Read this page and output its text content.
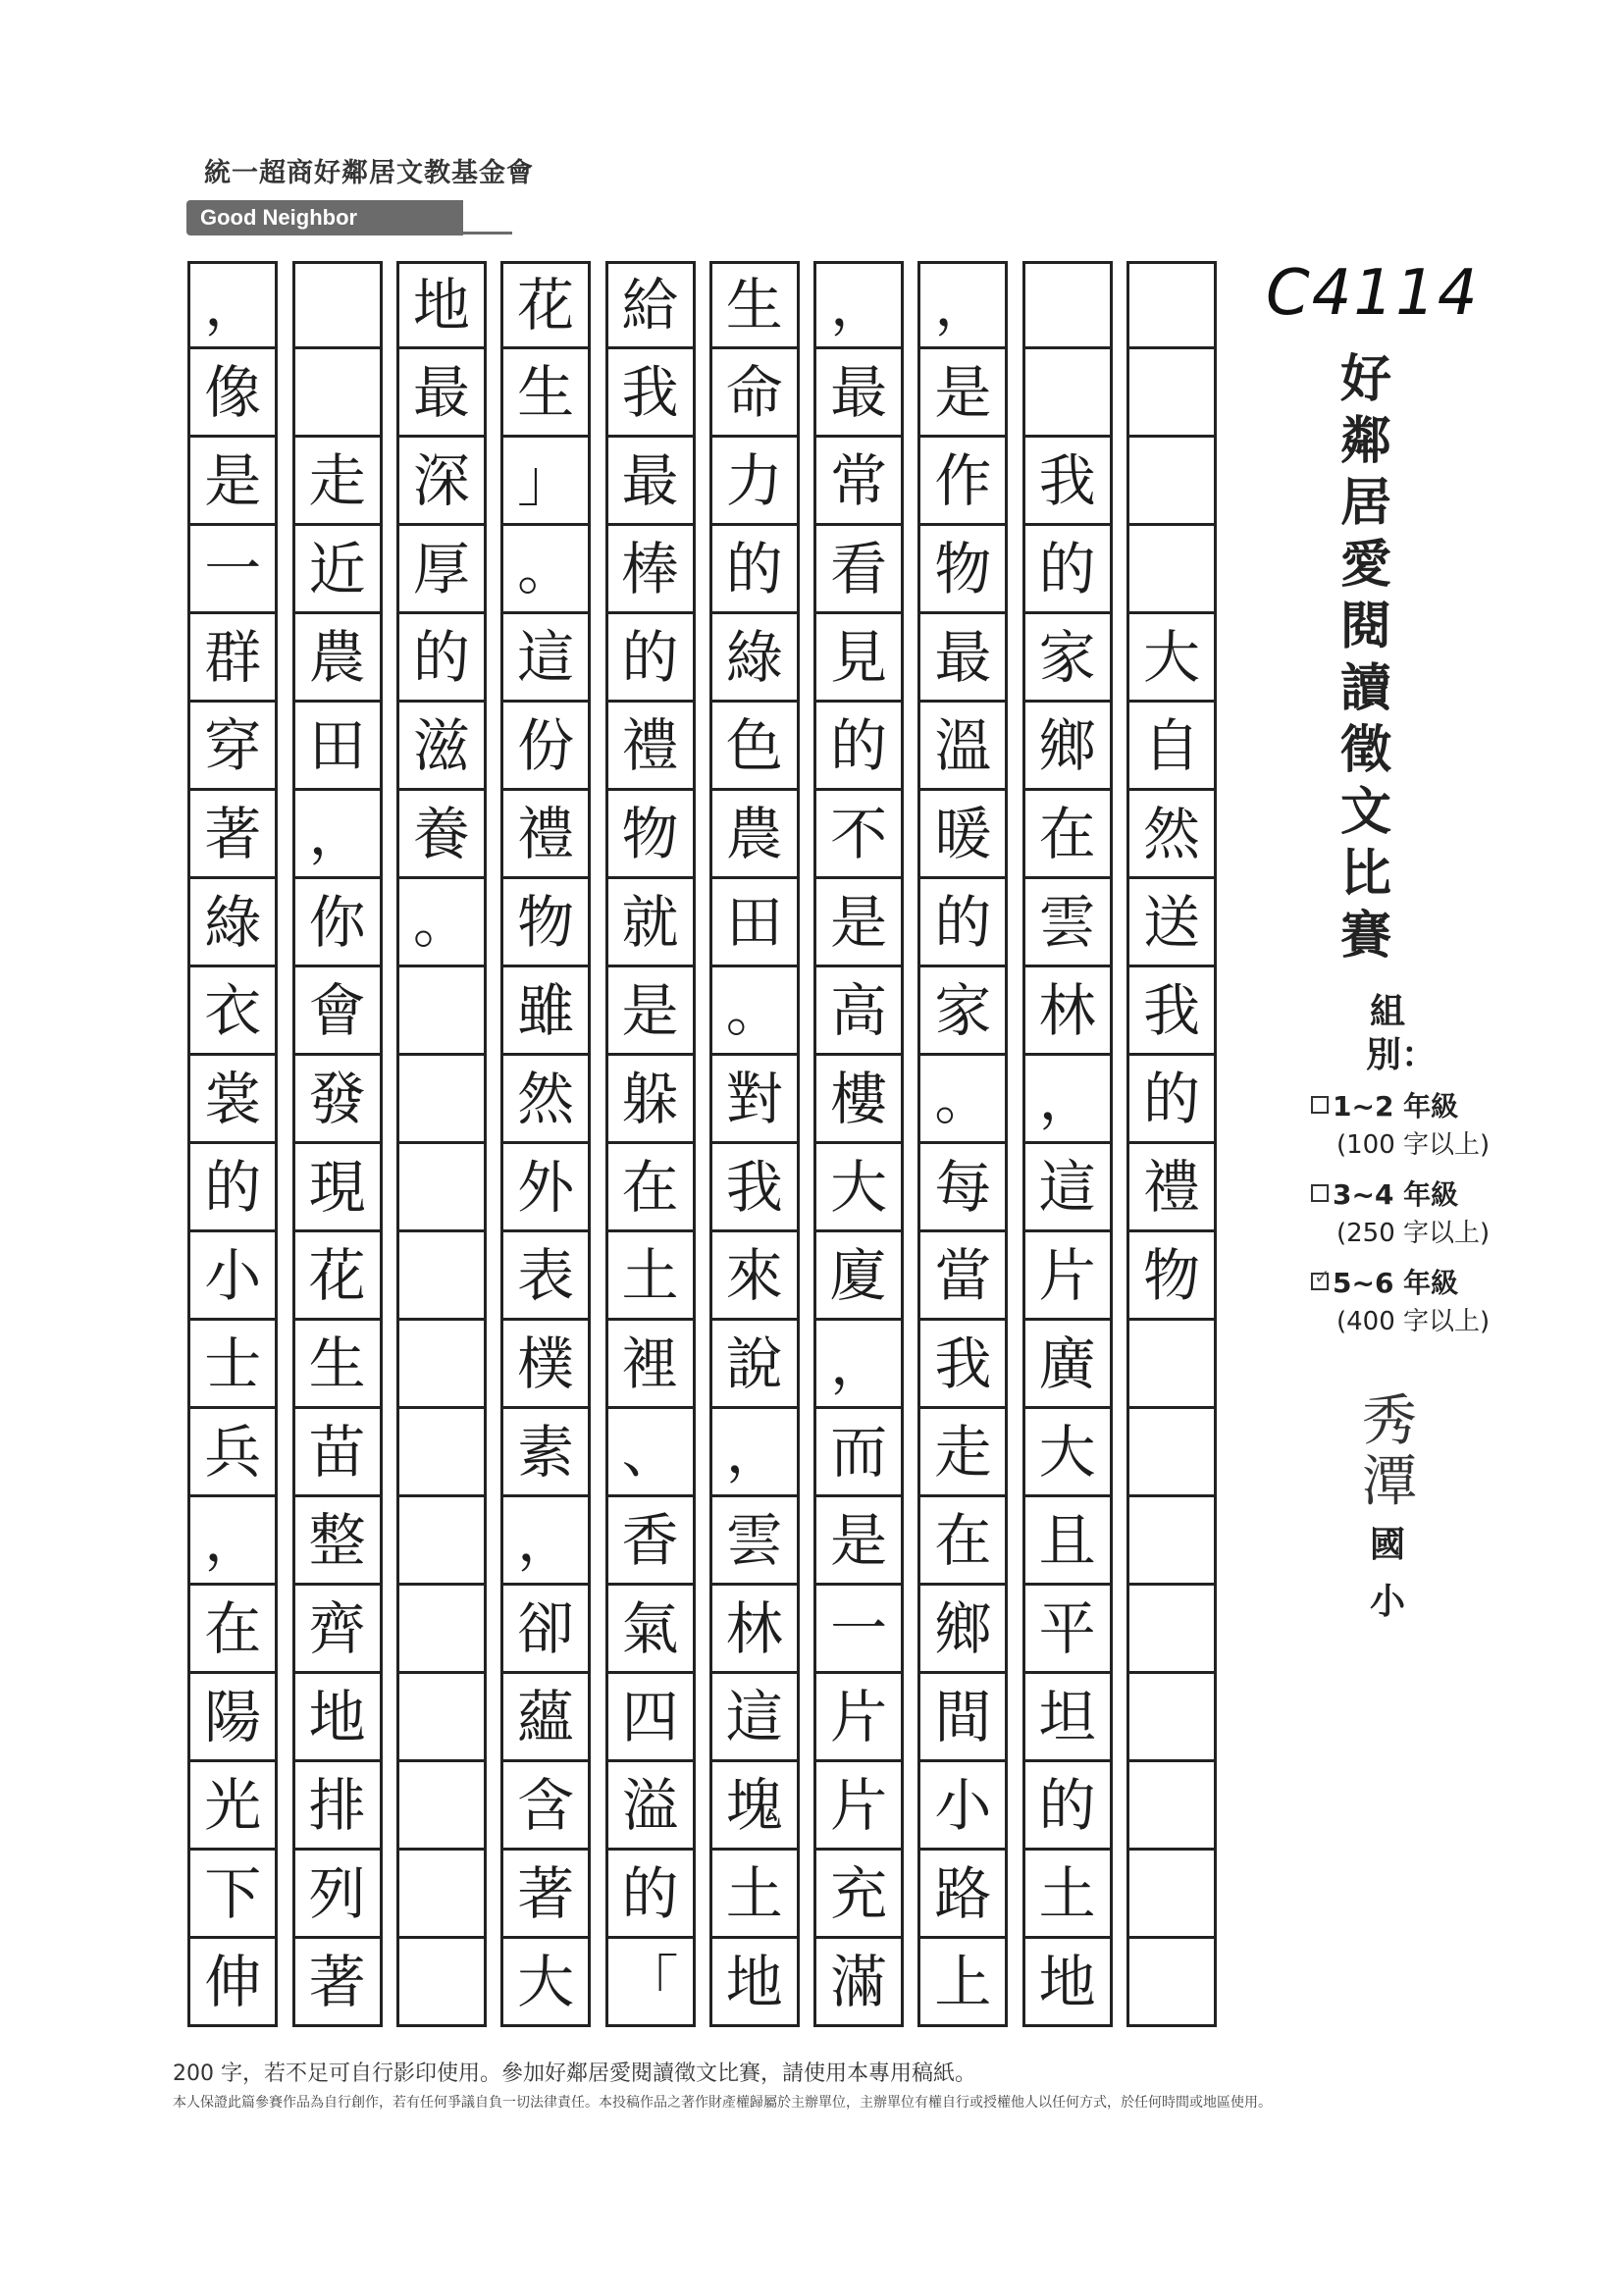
統一超商好鄰居文教基金會
Good Neighbor Foundation
大
自
然
送
我
的
禮
物
我
的
家
鄉
在
雲
林
，
這
片
廣
大
且
平
坦
的
土
地
，
是
作
物
最
溫
暖
的
家
。
每
當
我
走
在
鄉
間
小
路
上
，
最
常
看
見
的
不
是
高
樓
大
廈
，
而
是
一
片
片
充
滿
生
命
力
的
綠
色
農
田
。
對
我
來
說
，
雲
林
這
塊
土
地
給
我
最
棒
的
禮
物
就
是
躲
在
土
裡
、
香
氣
四
溢
的
「
花
生
」
。
這
份
禮
物
雖
然
外
表
樸
素
，
卻
蘊
含
著
大
地
最
深
厚
的
滋
養
。
走
近
農
田
，
你
會
發
現
花
生
苗
整
齊
地
排
列
著
，
像
是
一
群
穿
著
綠
衣
裳
的
小
士
兵
，
在
陽
光
下
伸
C4114
好鄰居愛閱讀徵文比賽
組別：
1~2 年級
(100 字以上)
3~4 年級
(250 字以上)
✓ 5~6 年級
(400 字以上)
秀潭
國小
200 字，若不足可自行影印使用。參加好鄰居愛閱讀徵文比賽，請使用本專用稿紙。
本人保證此篇參賽作品為自行創作，若有任何爭議自負一切法律責任。本投稿作品之著作財產權歸屬於主辦單位，主辦單位有權自行或授權他人以任何方式，於任何時間或地區使用。
